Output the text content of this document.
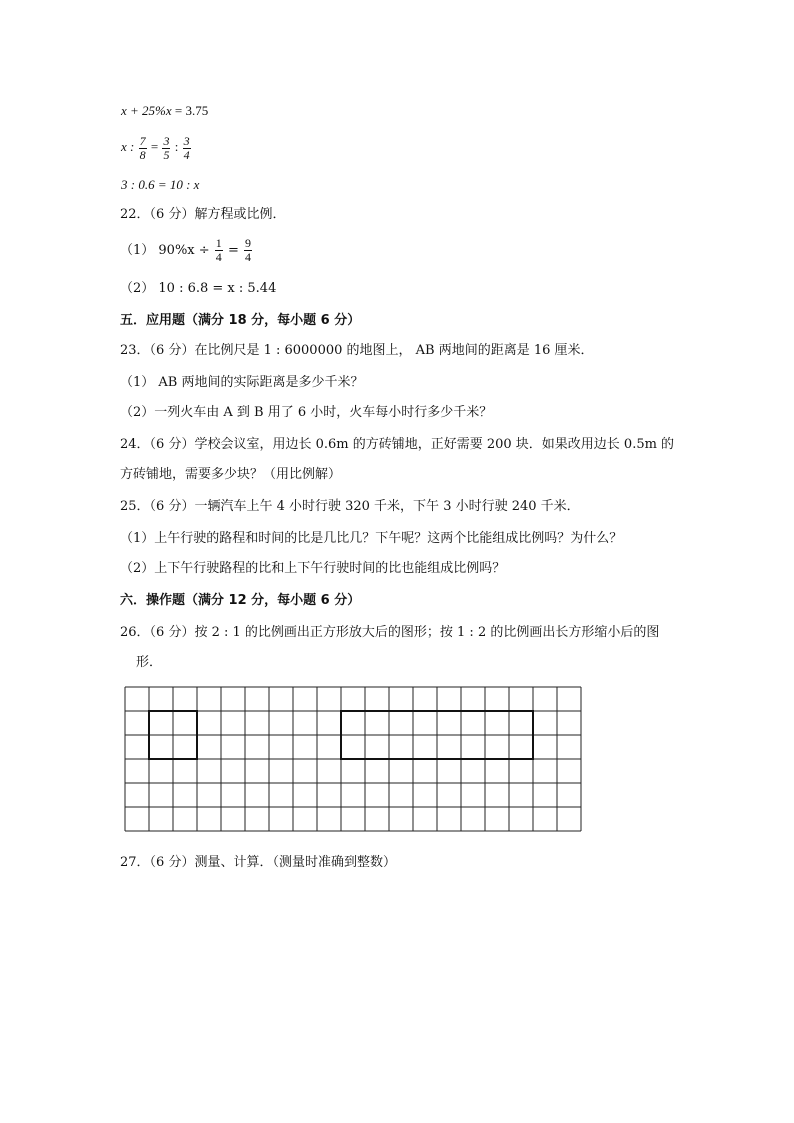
x + 25%x = 3.75
x : $\frac{7}{8} = \frac{3}{5}$ : $\frac{3}{4}$
3 : 0.6 = 10 : x
22．（6 分）解方程或比例．
（1） $90\%x \div \frac{1}{4} = \frac{9}{4}$
（2） 10 : 6.8 = x : 5.44
五．应用题（满分 18 分，每小题 6 分）
23．（6 分）在比例尺是 1 : 6000000 的地图上， AB 两地间的距离是 16 厘米．
（1） AB 两地间的实际距离是多少千米？
（2）一列火车由 A 到 B 用了 6 小时，火车每小时行多少千米？
24．（6 分）学校会议室，用边长 0.6m 的方砖铺地，正好需要 200 块．如果改用边长 0.5m 的
方砖铺地，需要多少块？（用比例解）
25．（6 分）一辆汽车上午 4 小时行驶 320 千米，下午 3 小时行驶 240 千米．
（1）上午行驶的路程和时间的比是几比几？下午呢？这两个比能组成比例吗？为什么？
（2）上下午行驶路程的比和上下午行驶时间的比也能组成比例吗？
六．操作题（满分 12 分，每小题 6 分）
26．（6 分）按 2 : 1 的比例画出正方形放大后的图形；按 1 : 2 的比例画出长方形缩小后的图
形．
27．（6 分）测量、计算．（测量时准确到整数）
